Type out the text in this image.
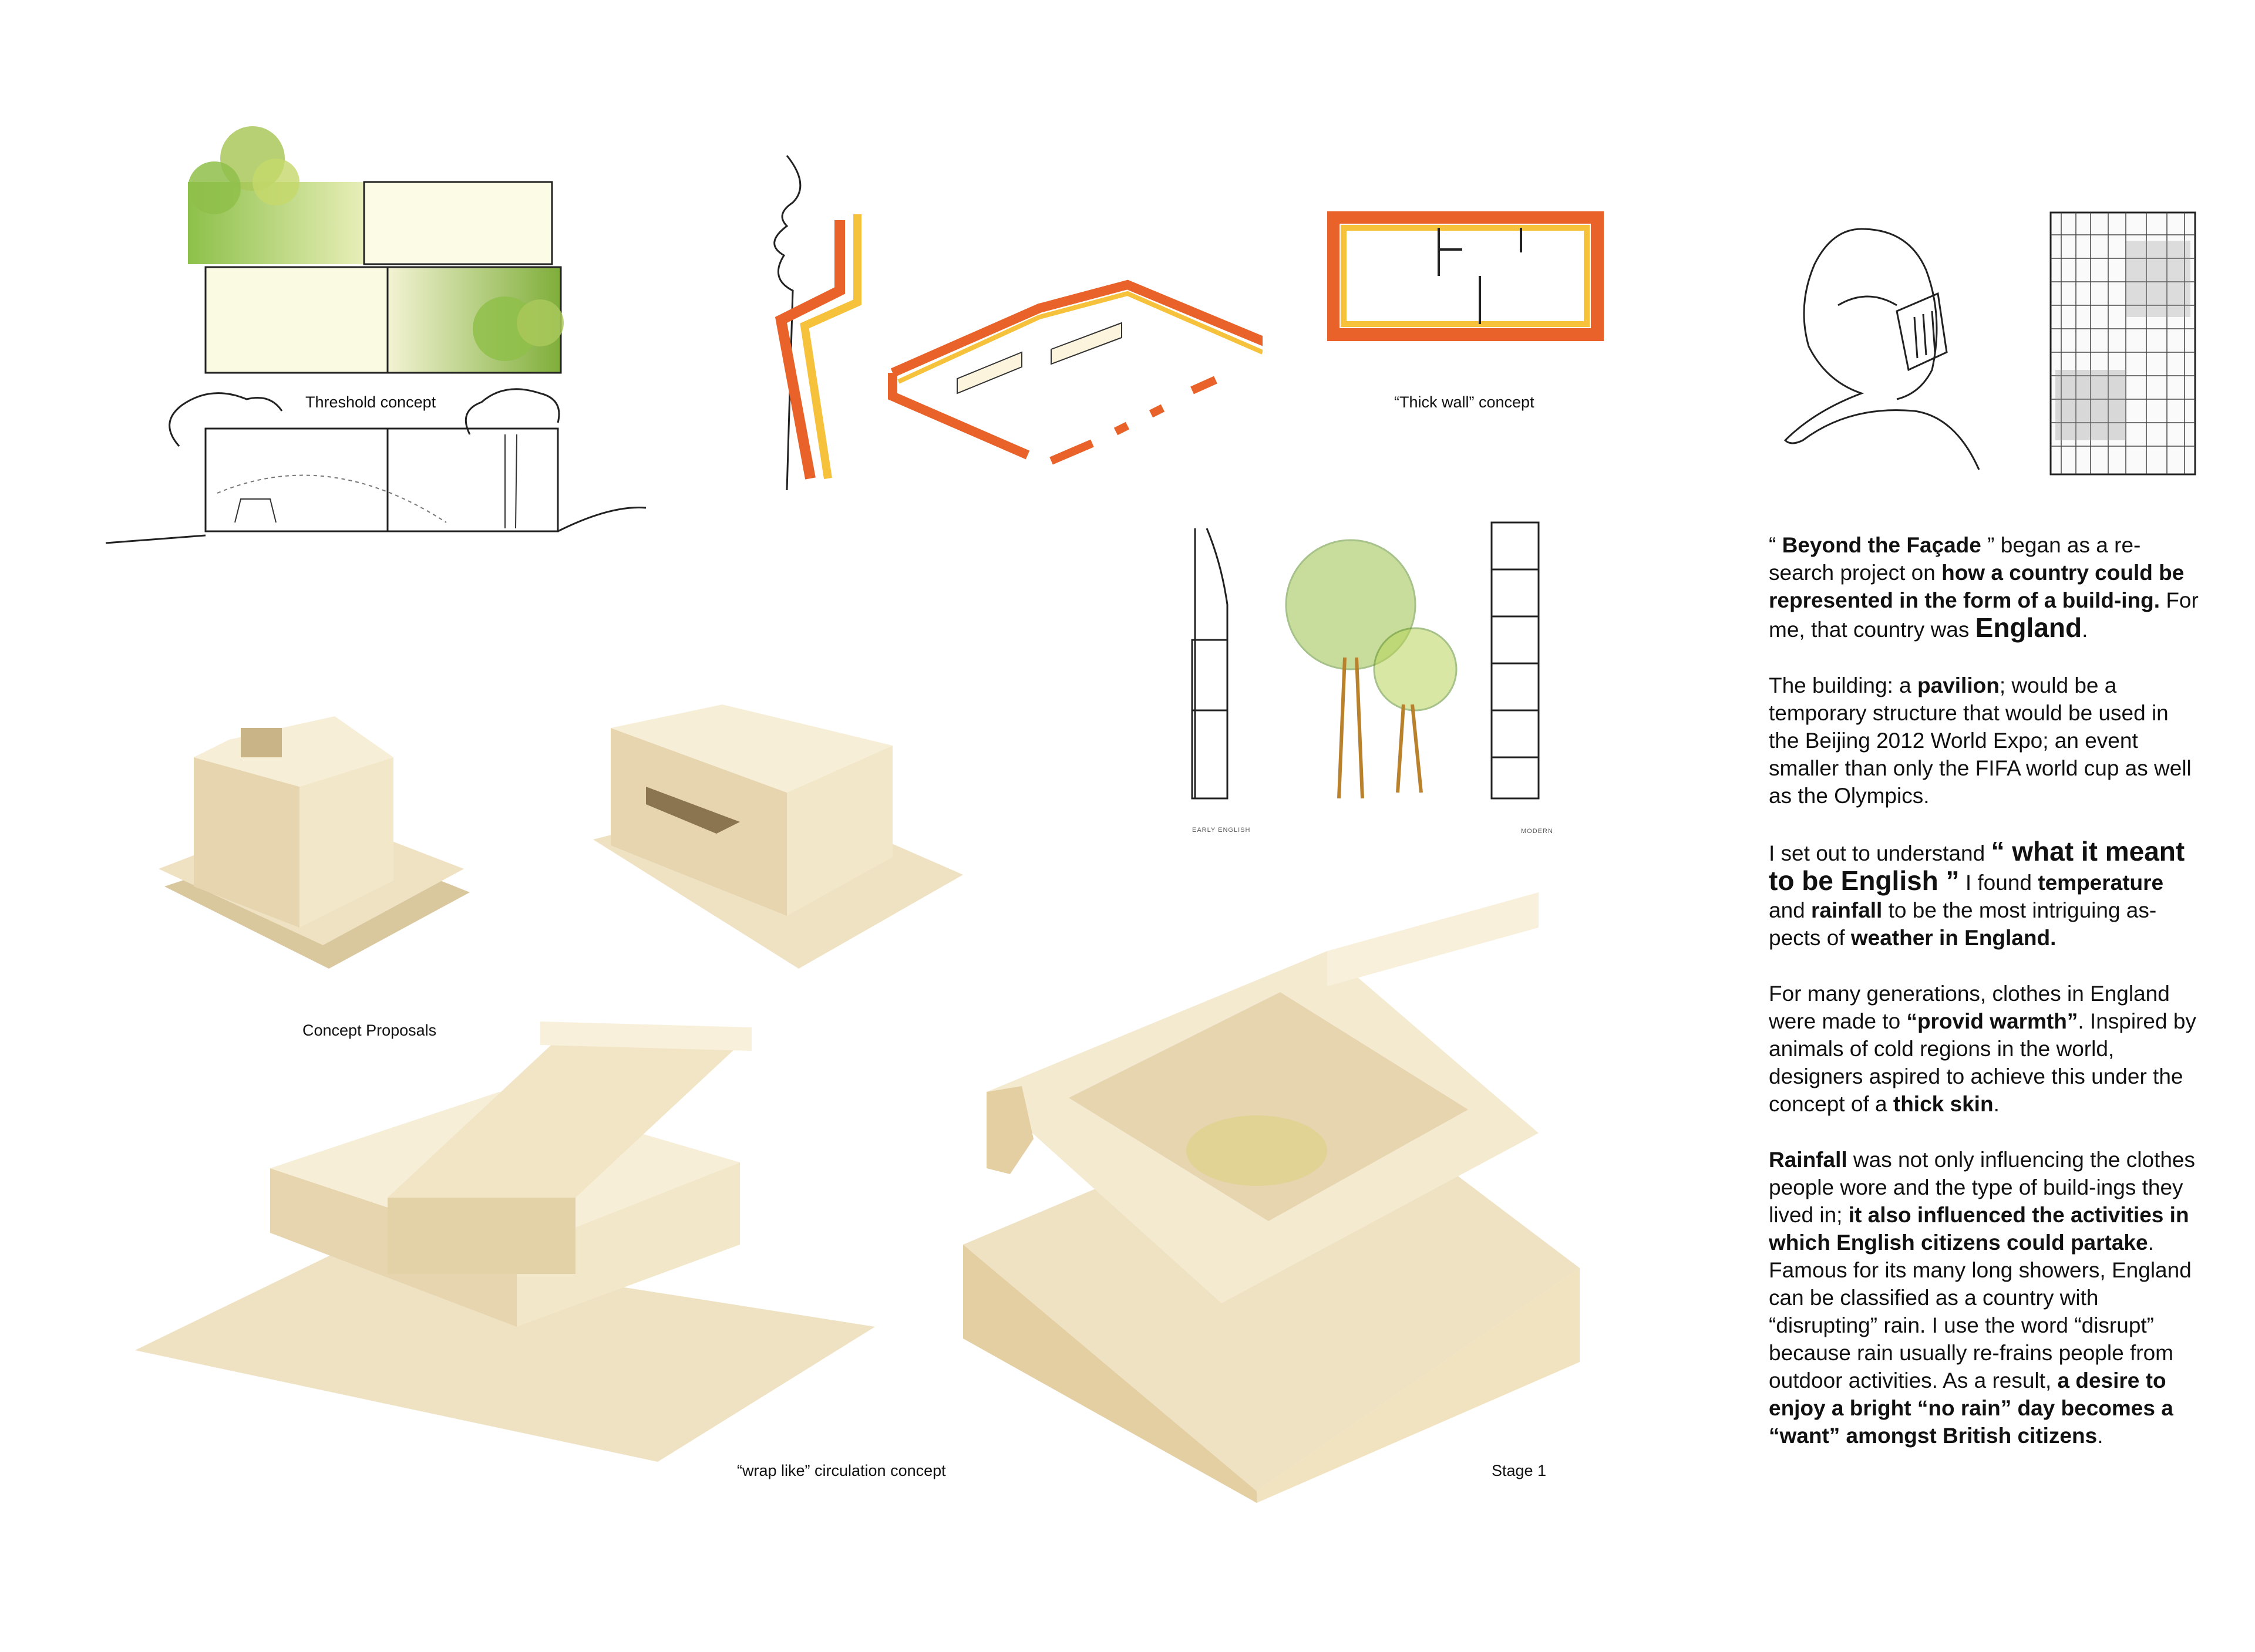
Threshold concept	“Thick wall” concept
EARLY ENGLISH	MODERN
Concept Proposals
“wrap like” circulation concept	Stage 1

“ Beyond the Façade ” began as a re-search project on how a country could be represented in the form of a build-ing. For me, that country was England.

The building: a pavilion; would be a temporary structure that would be used in the Beijing 2012 World Expo; an event smaller than only the FIFA world cup as well as the Olympics.

I set out to understand “ what it meant to be English ” I found temperature and rainfall to be the most intriguing as-pects of weather in England.

For many generations, clothes in England were made to “provid warmth”. Inspired by animals of cold regions in the world, designers aspired to achieve this under the concept of a thick skin.

Rainfall was not only influencing the clothes people wore and the type of build-ings they lived in; it also influenced the activities in which English citizens could partake. Famous for its many long showers, England can be classified as a country with “disrupting” rain. I use the word “disrupt” because rain usually re-frains people from outdoor activities. As a result, a desire to enjoy a bright “no rain” day becomes a “want” amongst British citizens.
